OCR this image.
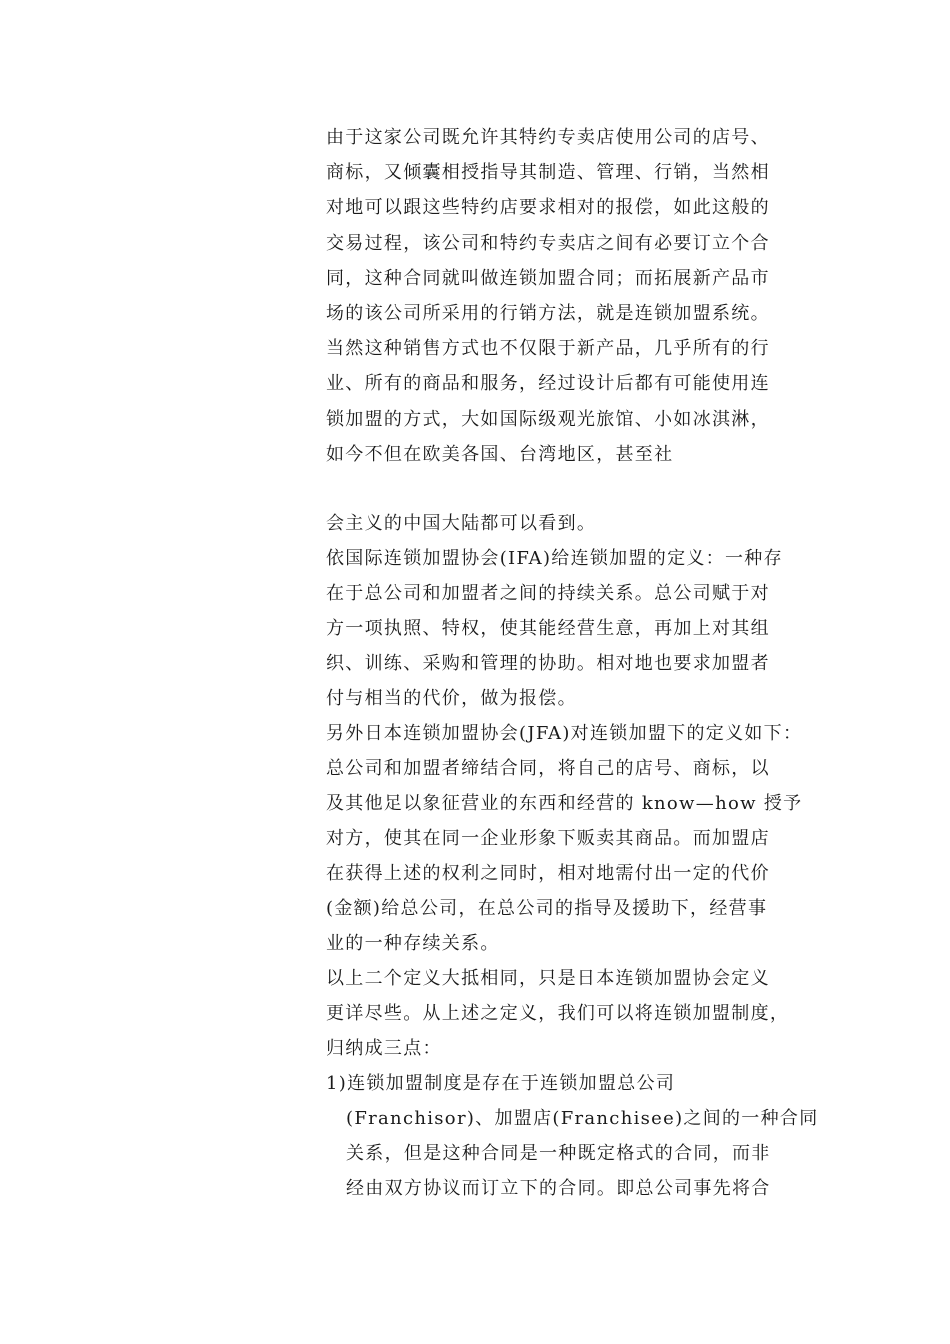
由于这家公司既允许其特约专卖店使用公司的店号、
商标，又倾囊相授指导其制造、管理、行销，当然相
对地可以跟这些特约店要求相对的报偿，如此这般的
交易过程，该公司和特约专卖店之间有必要订立个合
同，这种合同就叫做连锁加盟合同；而拓展新产品市
场的该公司所采用的行销方法，就是连锁加盟系统。
当然这种销售方式也不仅限于新产品，几乎所有的行
业、所有的商品和服务，经过设计后都有可能使用连
锁加盟的方式，大如国际级观光旅馆、小如冰淇淋，
如今不但在欧美各国、台湾地区，甚至社
会主义的中国大陆都可以看到。
依国际连锁加盟协会(IFA)给连锁加盟的定义：一种存
在于总公司和加盟者之间的持续关系。总公司赋于对
方一项执照、特权，使其能经营生意，再加上对其组
织、训练、采购和管理的协助。相对地也要求加盟者
付与相当的代价，做为报偿。
另外日本连锁加盟协会(JFA)对连锁加盟下的定义如下：
总公司和加盟者缔结合同，将自己的店号、商标，以
及其他足以象征营业的东西和经营的 know—how 授予
对方，使其在同一企业形象下贩卖其商品。而加盟店
在获得上述的权利之同时，相对地需付出一定的代价
(金额)给总公司，在总公司的指导及援助下，经营事
业的一种存续关系。
以上二个定义大抵相同，只是日本连锁加盟协会定义
更详尽些。从上述之定义，我们可以将连锁加盟制度，
归纳成三点：
1)连锁加盟制度是存在于连锁加盟总公司
(Franchisor)、加盟店(Franchisee)之间的一种合同
关系，但是这种合同是一种既定格式的合同，而非
经由双方协议而订立下的合同。即总公司事先将合
